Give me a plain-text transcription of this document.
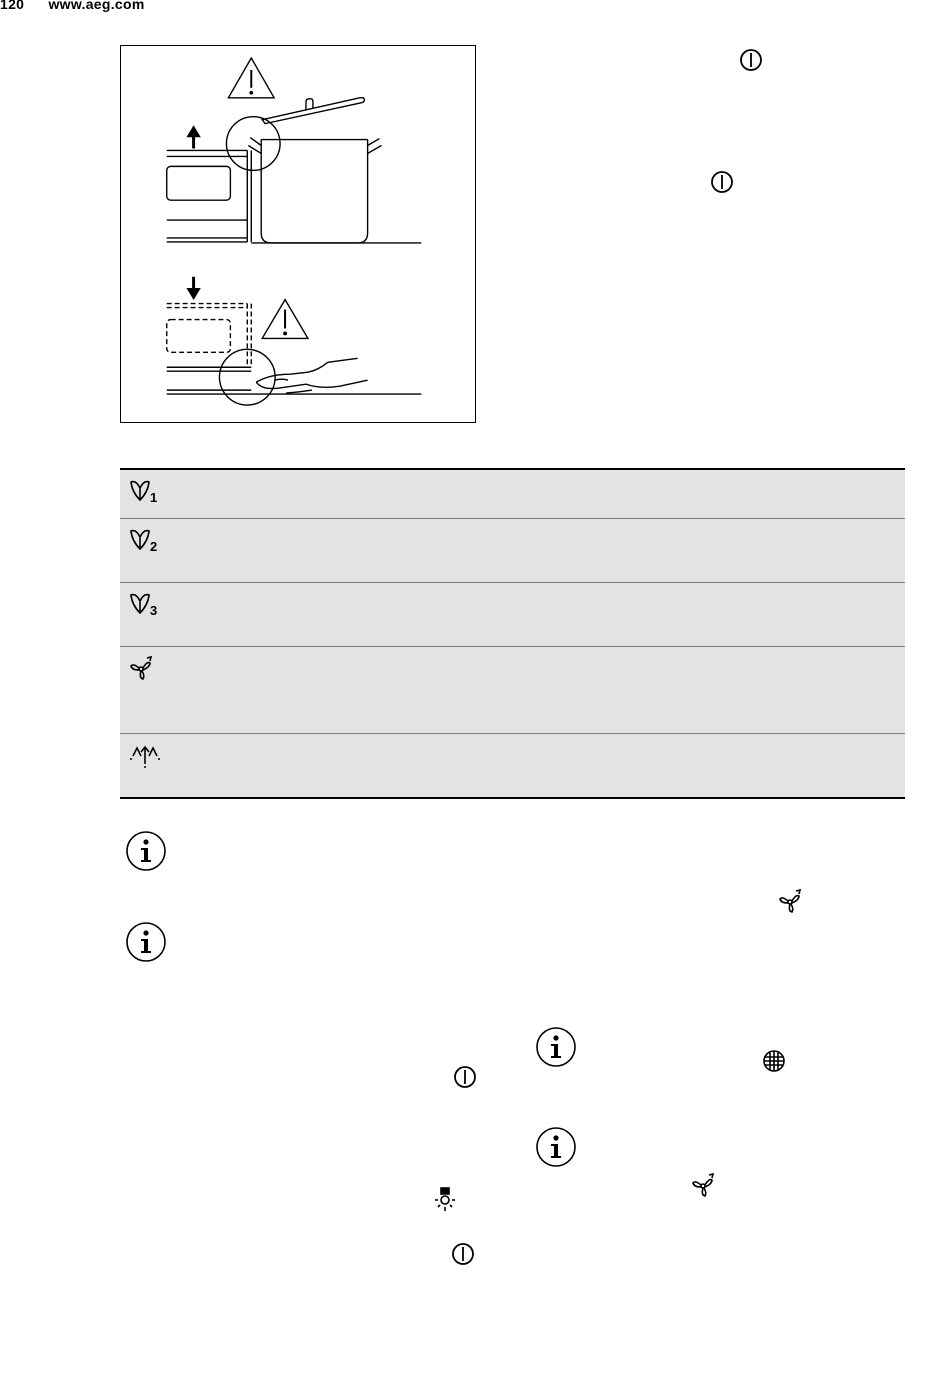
120 www.aeg.com
1
2
3
